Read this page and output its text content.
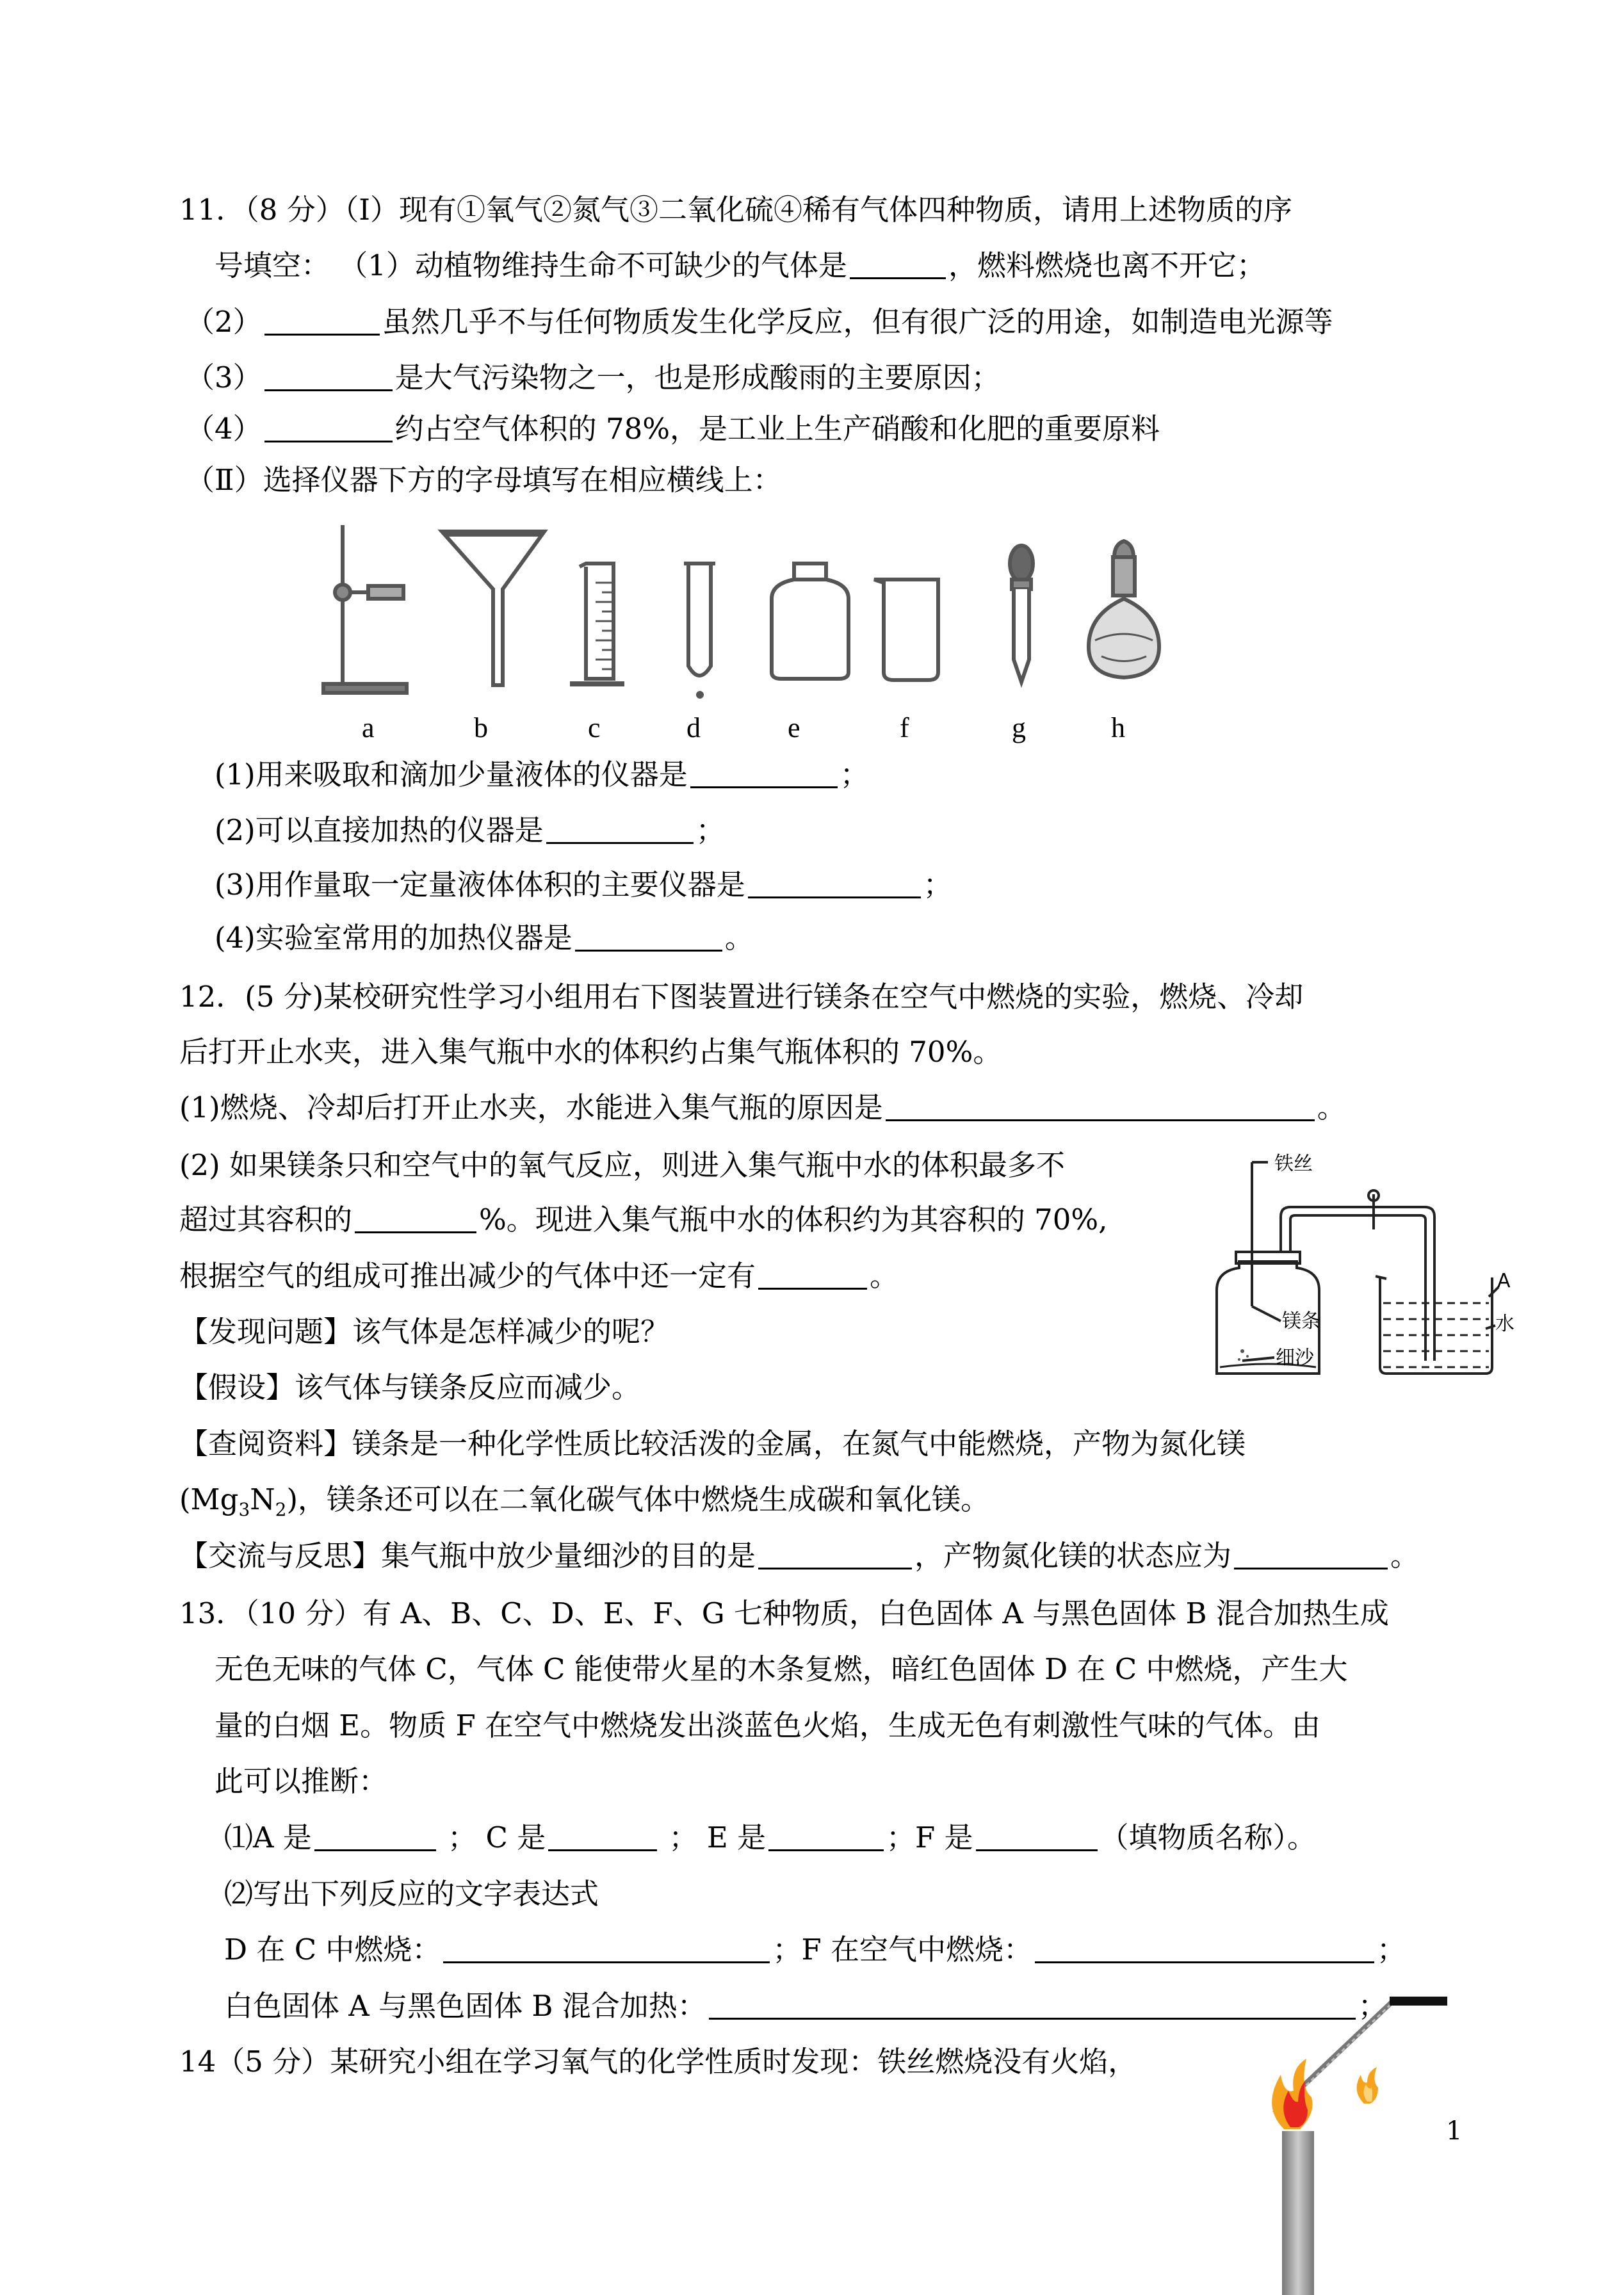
11．（8 分）（Ⅰ）现有①氧气②氮气③二氧化硫④稀有气体四种物质，请用上述物质的序
号填空： （1）动植物维持生命不可缺少的气体是	，燃料燃烧也离不开它；
（2）	虽然几乎不与任何物质发生化学反应，但有很广泛的用途，如制造电光源等
（3）	是大气污染物之一，也是形成酸雨的主要原因；
（4）	约占空气体积的 78%，是工业上生产硝酸和化肥的重要原料
（Ⅱ）选择仪器下方的字母填写在相应横线上：
a	b	c	d	e	f	g	h
(1)用来吸取和滴加少量液体的仪器是	；
(2)可以直接加热的仪器是	；
(3)用作量取一定量液体体积的主要仪器是	；
(4)实验室常用的加热仪器是	。
12．(5 分)某校研究性学习小组用右下图装置进行镁条在空气中燃烧的实验，燃烧、冷却
后打开止水夹，进入集气瓶中水的体积约占集气瓶体积的 70%。
(1)燃烧、冷却后打开止水夹，水能进入集气瓶的原因是	。
(2) 如果镁条只和空气中的氧气反应，则进入集气瓶中水的体积最多不
超过其容积的	%。现进入集气瓶中水的体积约为其容积的 70%,
根据空气的组成可推出减少的气体中还一定有	。
【发现问题】该气体是怎样减少的呢？
【假设】该气体与镁条反应而减少。
【查阅资料】镁条是一种化学性质比较活泼的金属，在氮气中能燃烧，产物为氮化镁
$(Mg_3N_2)$，镁条还可以在二氧化碳气体中燃烧生成碳和氧化镁。
【交流与反思】集气瓶中放少量细沙的目的是	，产物氮化镁的状态应为	。
铁丝
镁条
细沙
A
水
13．（10 分）有 A、B、C、D、E、F、G 七种物质，白色固体 A 与黑色固体 B 混合加热生成
无色无味的气体 C，气体 C 能使带火星的木条复燃，暗红色固体 D 在 C 中燃烧，产生大
量的白烟 E。物质 F 在空气中燃烧发出淡蓝色火焰，生成无色有刺激性气味的气体。由
此可以推断：
⑴A 是	； C 是	； E 是	；F 是	（填物质名称）。
⑵写出下列反应的文字表达式
D 在 C 中燃烧：	；F 在空气中燃烧：	；
白色固体 A 与黑色固体 B 混合加热：	；
14（5 分）某研究小组在学习氧气的化学性质时发现：铁丝燃烧没有火焰，
1
